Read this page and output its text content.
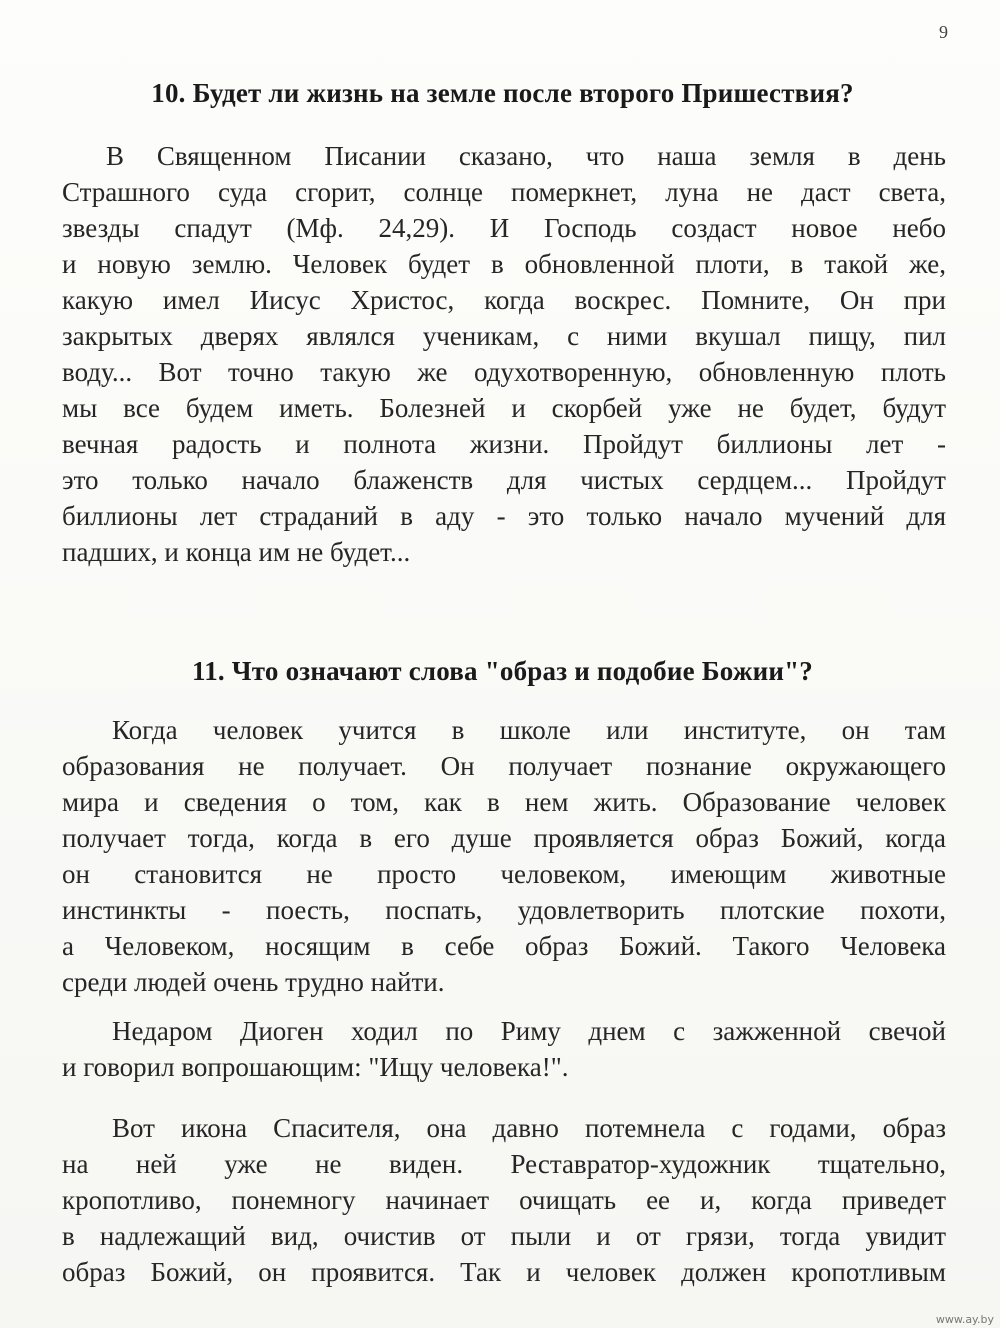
9
10. Будет ли жизнь на земле после второго Пришествия?
В Священном Писании сказано, что наша земля в день
Страшного суда сгорит, солнце померкнет, луна не даст света,
звезды спадут (Мф. 24,29). И Господь создаст новое небо
и новую землю. Человек будет в обновленной плоти, в такой же,
какую имел Иисус Христос, когда воскрес. Помните, Он при
закрытых дверях являлся ученикам, с ними вкушал пищу, пил
воду... Вот точно такую же одухотворенную, обновленную плоть
мы все будем иметь. Болезней и скорбей уже не будет, будут
вечная радость и полнота жизни. Пройдут биллионы лет -
это только начало блаженств для чистых сердцем... Пройдут
биллионы лет страданий в аду - это только начало мучений для
падших, и конца им не будет...
11. Что означают слова "образ и подобие Божии"?
Когда человек учится в школе или институте, он там
образования не получает. Он получает познание окружающего
мира и сведения о том, как в нем жить. Образование человек
получает тогда, когда в его душе проявляется образ Божий, когда
он становится не просто человеком, имеющим животные
инстинкты - поесть, поспать, удовлетворить плотские похоти,
а Человеком, носящим в себе образ Божий. Такого Человека
среди людей очень трудно найти.
Недаром Диоген ходил по Риму днем с зажженной свечой
и говорил вопрошающим: "Ищу человека!".
Вот икона Спасителя, она давно потемнела с годами, образ
на ней уже не виден. Реставратор-художник тщательно,
кропотливо, понемногу начинает очищать ее и, когда приведет
в надлежащий вид, очистив от пыли и от грязи, тогда увидит
образ Божий, он проявится. Так и человек должен кропотливым
www.ay.by
